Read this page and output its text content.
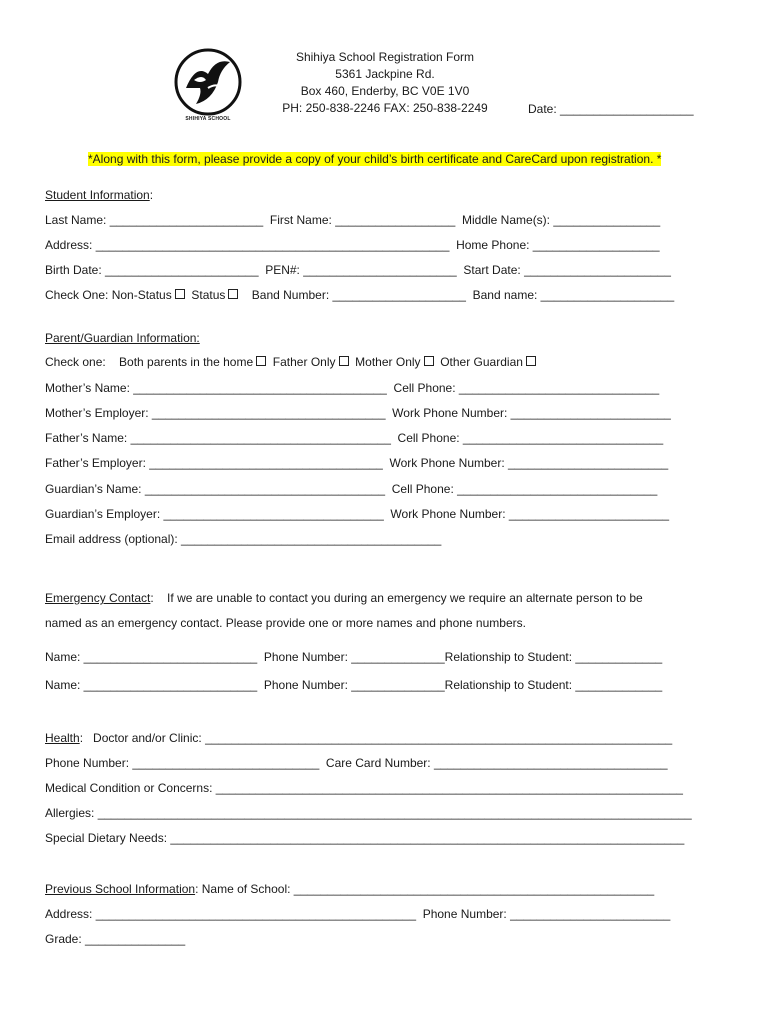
SHIHIYA SCHOOL
Shihiya School Registration Form
5361 Jackpine Rd.
Box 460, Enderby, BC V0E 1V0
PH: 250-838-2246 FAX: 250-838-2249	Date: ____________________
*Along with this form, please provide a copy of your child’s birth certificate and CareCard upon registration. *
Student Information:
Last Name: _______________________  First Name: __________________  Middle Name(s): ________________
Address: _____________________________________________________  Home Phone: ___________________
Birth Date: _______________________  PEN#: _______________________  Start Date: ______________________
Check One: Non-Status Status Band Number: ____________________  Band name: ____________________
Parent/Guardian Information:
Check one:    Both parents in the home Father Only Mother Only Other Guardian
Mother’s Name: ______________________________________  Cell Phone: ______________________________
Mother’s Employer: ___________________________________  Work Phone Number: ________________________
Father’s Name: _______________________________________  Cell Phone: ______________________________
Father’s Employer: ___________________________________  Work Phone Number: ________________________
Guardian’s Name: ____________________________________  Cell Phone: ______________________________
Guardian’s Employer: _________________________________  Work Phone Number: ________________________
Email address (optional): _______________________________________
Emergency Contact:    If we are unable to contact you during an emergency we require an alternate person to be
named as an emergency contact. Please provide one or more names and phone numbers.
Name: __________________________  Phone Number: ______________Relationship to Student: _____________
Name: __________________________  Phone Number: ______________Relationship to Student: _____________
Health:   Doctor and/or Clinic: ______________________________________________________________________
Phone Number: ____________________________  Care Card Number: ___________________________________
Medical Condition or Concerns: ______________________________________________________________________
Allergies: _________________________________________________________________________________________
Special Dietary Needs: _____________________________________________________________________________
Previous School Information: Name of School: ______________________________________________________
Address: ________________________________________________  Phone Number: ________________________
Grade: _______________
